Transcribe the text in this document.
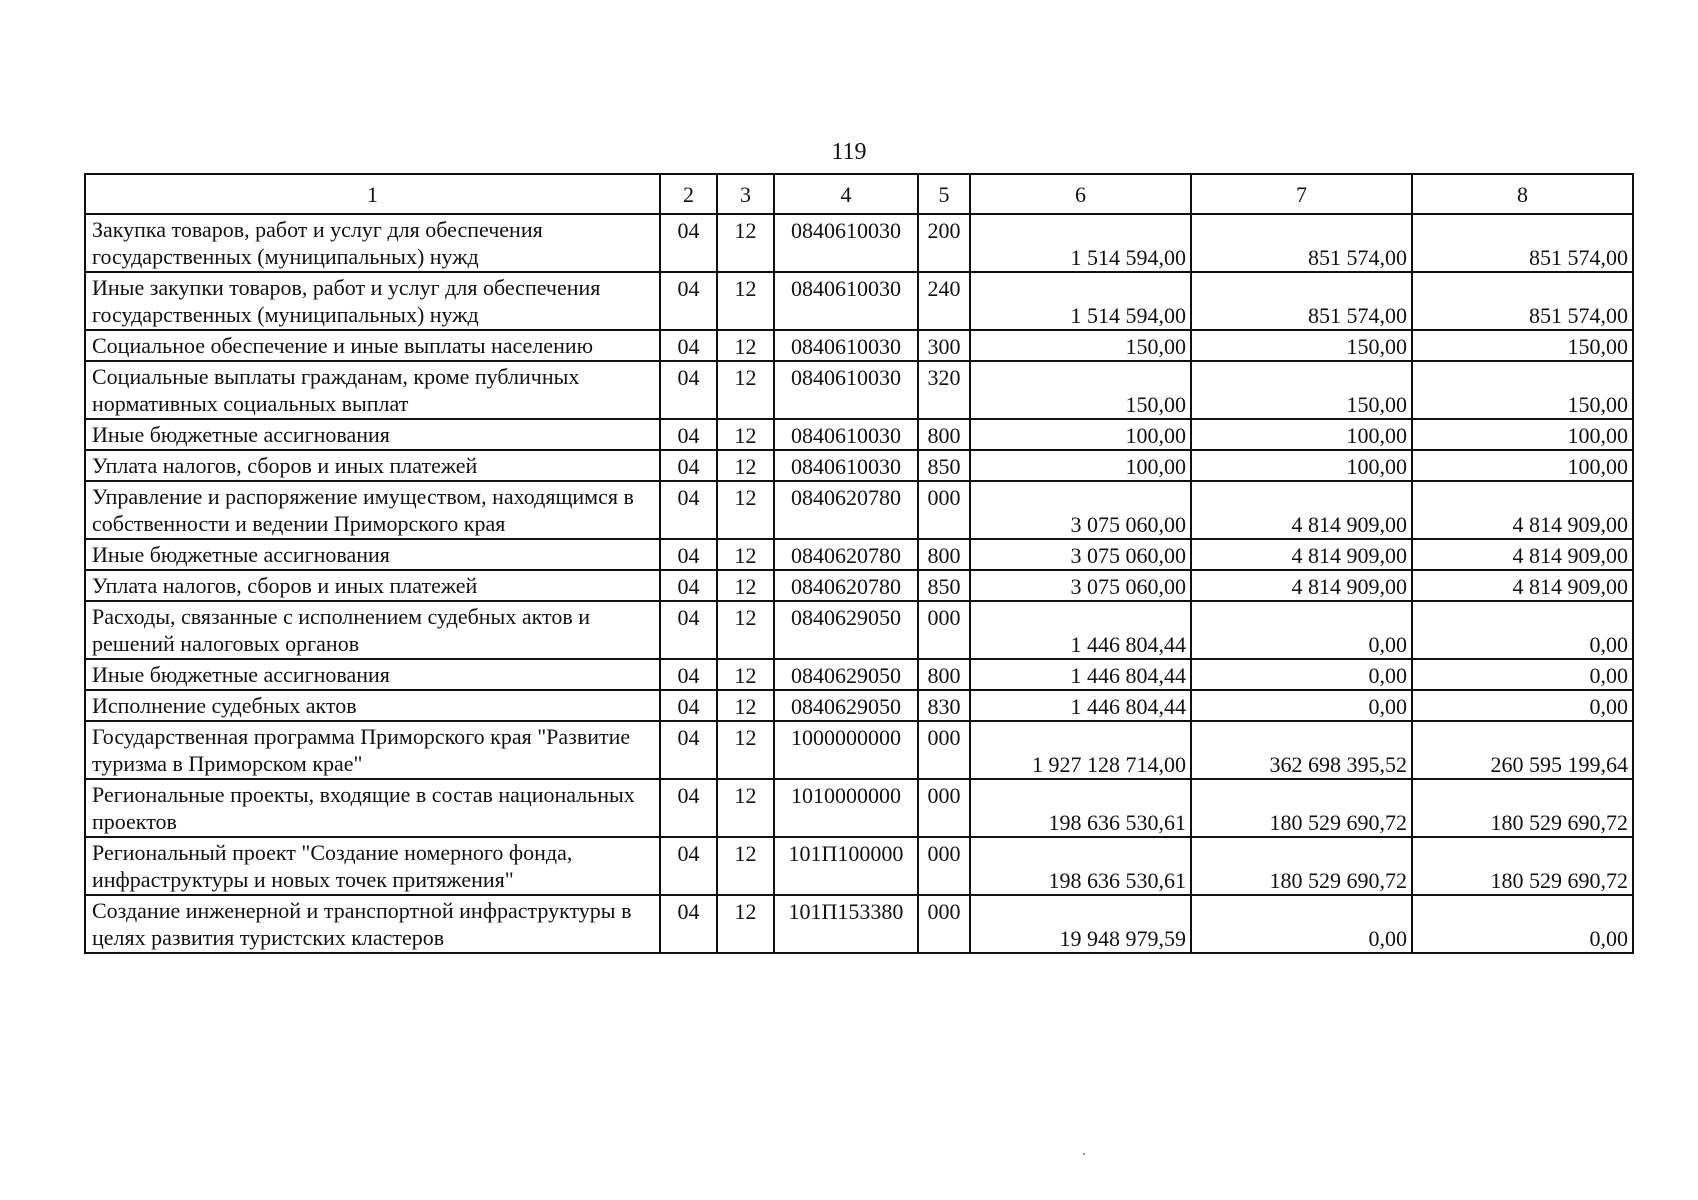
119
1	2	3	4	5	6	7	8
Закупка товаров, работ и услуг для обеспечения государственных (муниципальных) нужд	04	12	0840610030	200	1 514 594,00	851 574,00	851 574,00
Иные закупки товаров, работ и услуг для обеспечения государственных (муниципальных) нужд	04	12	0840610030	240	1 514 594,00	851 574,00	851 574,00
Социальное обеспечение и иные выплаты населению	04	12	0840610030	300	150,00	150,00	150,00
Социальные выплаты гражданам, кроме публичных нормативных социальных выплат	04	12	0840610030	320	150,00	150,00	150,00
Иные бюджетные ассигнования	04	12	0840610030	800	100,00	100,00	100,00
Уплата налогов, сборов и иных платежей	04	12	0840610030	850	100,00	100,00	100,00
Управление и распоряжение имуществом, находящимся в собственности и ведении Приморского края	04	12	0840620780	000	3 075 060,00	4 814 909,00	4 814 909,00
Иные бюджетные ассигнования	04	12	0840620780	800	3 075 060,00	4 814 909,00	4 814 909,00
Уплата налогов, сборов и иных платежей	04	12	0840620780	850	3 075 060,00	4 814 909,00	4 814 909,00
Расходы, связанные с исполнением судебных актов и решений налоговых органов	04	12	0840629050	000	1 446 804,44	0,00	0,00
Иные бюджетные ассигнования	04	12	0840629050	800	1 446 804,44	0,00	0,00
Исполнение судебных актов	04	12	0840629050	830	1 446 804,44	0,00	0,00
Государственная программа Приморского края "Развитие туризма в Приморском крае"	04	12	1000000000	000	1 927 128 714,00	362 698 395,52	260 595 199,64
Региональные проекты, входящие в состав национальных проектов	04	12	1010000000	000	198 636 530,61	180 529 690,72	180 529 690,72
Региональный проект "Создание номерного фонда, инфраструктуры и новых точек притяжения"	04	12	101П100000	000	198 636 530,61	180 529 690,72	180 529 690,72
Создание инженерной и транспортной инфраструктуры в целях развития туристских кластеров	04	12	101П153380	000	19 948 979,59	0,00	0,00
